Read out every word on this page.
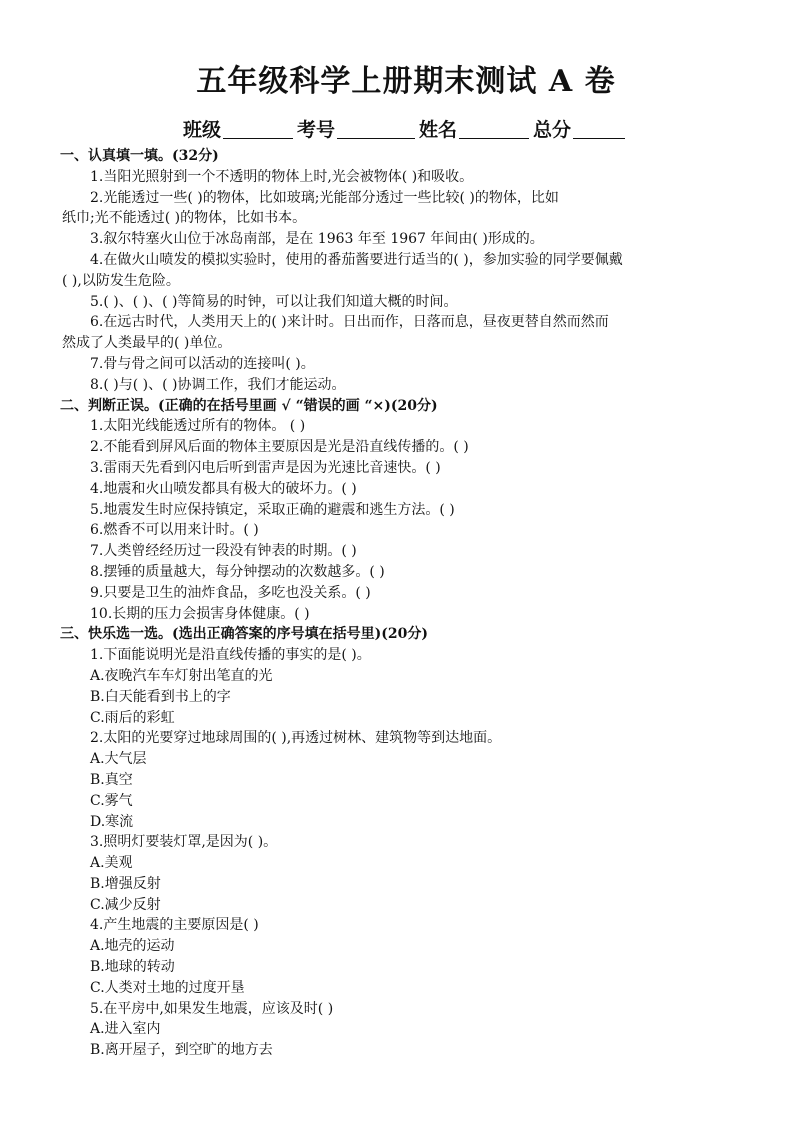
五年级科学上册期末测试 A 卷
班级	考号	姓名	总分
一、认真填一填。(32分)
1.当阳光照射到一个不透明的物体上时,光会被物体( )和吸收。
2.光能透过一些( )的物体，比如玻璃;光能部分透过一些比较( )的物体，比如
纸巾;光不能透过( )的物体，比如书本。
3.叙尔特塞火山位于冰岛南部，是在 1963 年至 1967 年间由( )形成的。
4.在做火山喷发的模拟实验时，使用的番茄酱要进行适当的( )，参加实验的同学要佩戴
( ),以防发生危险。
5.( )、( )、( )等简易的时钟，可以让我们知道大概的时间。
6.在远古时代，人类用天上的( )来计时。日出而作，日落而息，昼夜更替自然而然而
然成了人类最早的( )单位。
7.骨与骨之间可以活动的连接叫( )。
8.( )与( )、( )协调工作，我们才能运动。
二、判断正误。(正确的在括号里画 √ “错误的画 “×)(20分)
1.太阳光线能透过所有的物体。 ( )
2.不能看到屏风后面的物体主要原因是光是沿直线传播的。( )
3.雷雨天先看到闪电后听到雷声是因为光速比音速快。( )
4.地震和火山喷发都具有极大的破坏力。( )
5.地震发生时应保持镇定，采取正确的避震和逃生方法。( )
6.燃香不可以用来计时。( )
7.人类曾经经历过一段没有钟表的时期。( )
8.摆锤的质量越大，每分钟摆动的次数越多。( )
9.只要是卫生的油炸食品，多吃也没关系。( )
10.长期的压力会损害身体健康。( )
三、快乐选一选。(选出正确答案的序号填在括号里)(20分)
1.下面能说明光是沿直线传播的事实的是( )。
A.夜晚汽车车灯射出笔直的光
B.白天能看到书上的字
C.雨后的彩虹
2.太阳的光要穿过地球周围的( ),再透过树林、建筑物等到达地面。
A.大气层
B.真空
C.雾气
D.寒流
3.照明灯要装灯罩,是因为( )。
A.美观
B.增强反射
C.减少反射
4.产生地震的主要原因是( )
A.地壳的运动
B.地球的转动
C.人类对土地的过度开垦
5.在平房中,如果发生地震，应该及时( )
A.进入室内
B.离开屋子，到空旷的地方去
